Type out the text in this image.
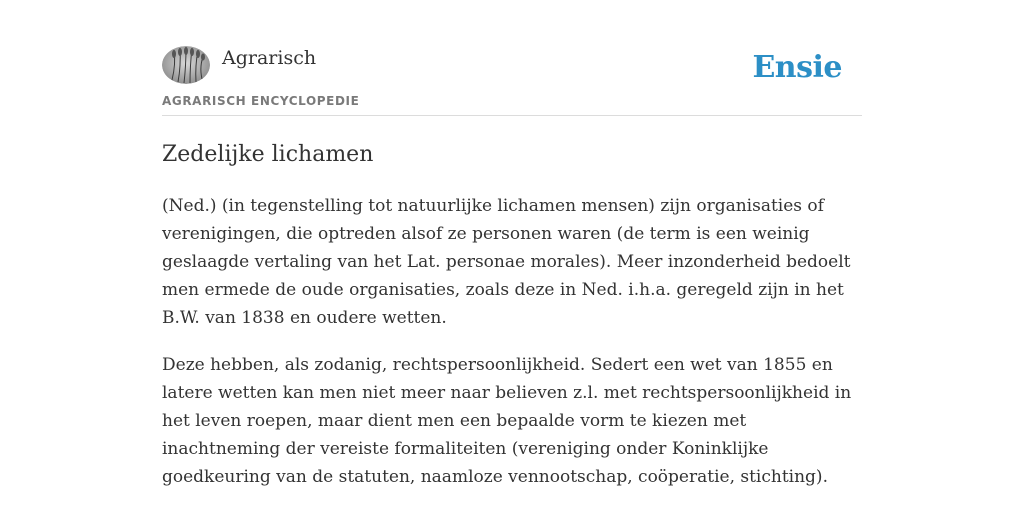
Agrarisch
AGRARISCH ENCYCLOPEDIE
Ensie
Zedelijke lichamen

(Ned.) (in tegenstelling tot natuurlijke lichamen mensen) zijn organisaties of verenigingen, die optreden alsof ze personen waren (de term is een weinig geslaagde vertaling van het Lat. personae morales). Meer inzonderheid bedoelt men ermede de oude organisaties, zoals deze in Ned. i.h.a. geregeld zijn in het B.W. van 1838 en oudere wetten.

Deze hebben, als zodanig, rechtspersoonlijkheid. Sedert een wet van 1855 en latere wetten kan men niet meer naar believen z.l. met rechtspersoonlijkheid in het leven roepen, maar dient men een bepaalde vorm te kiezen met inachtneming der vereiste formaliteiten (vereniging onder Koninklijke goedkeuring van de statuten, naamloze vennootschap, coöperatie, stichting).
